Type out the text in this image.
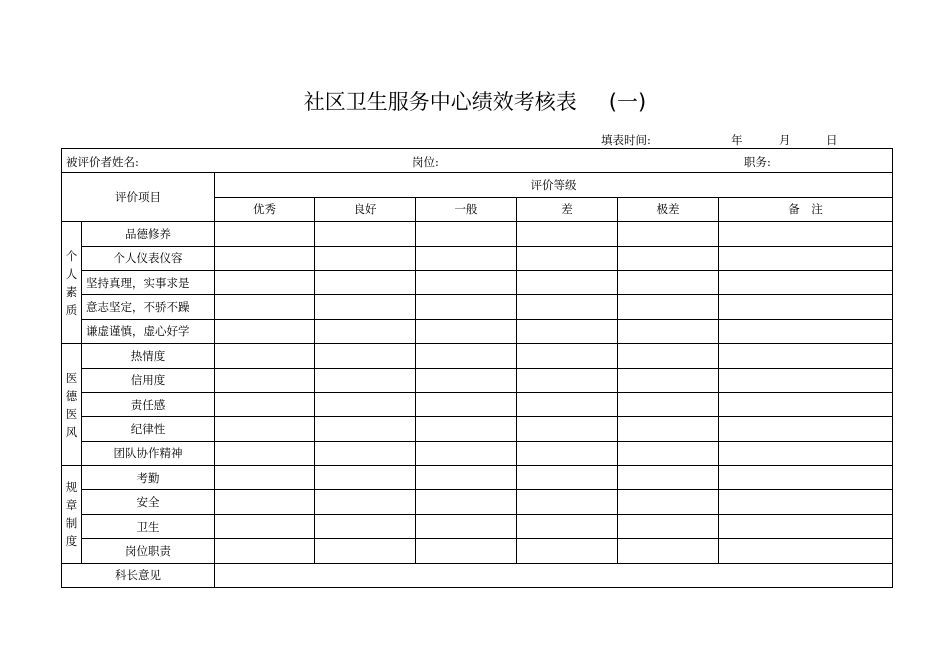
社区卫生服务中心绩效考核表 (一)
填表时间:	年	月	日
被评价者姓名: 岗位: 职务:							

评价项目		评价等级					
		优秀	良好	一般	差	极差	备　注

个
人
素
质	品德修养						
	个人仪表仪容						
	坚持真理，实事求是						
	意志坚定，不骄不躁						
	谦虚谨慎，虚心好学						

医
德
医
风	热情度						
	信用度						
	责任感						
	纪律性						
	团队协作精神						

规
章
制
度	考勤						
	安全						
	卫生						
	岗位职责						
科长意见							
